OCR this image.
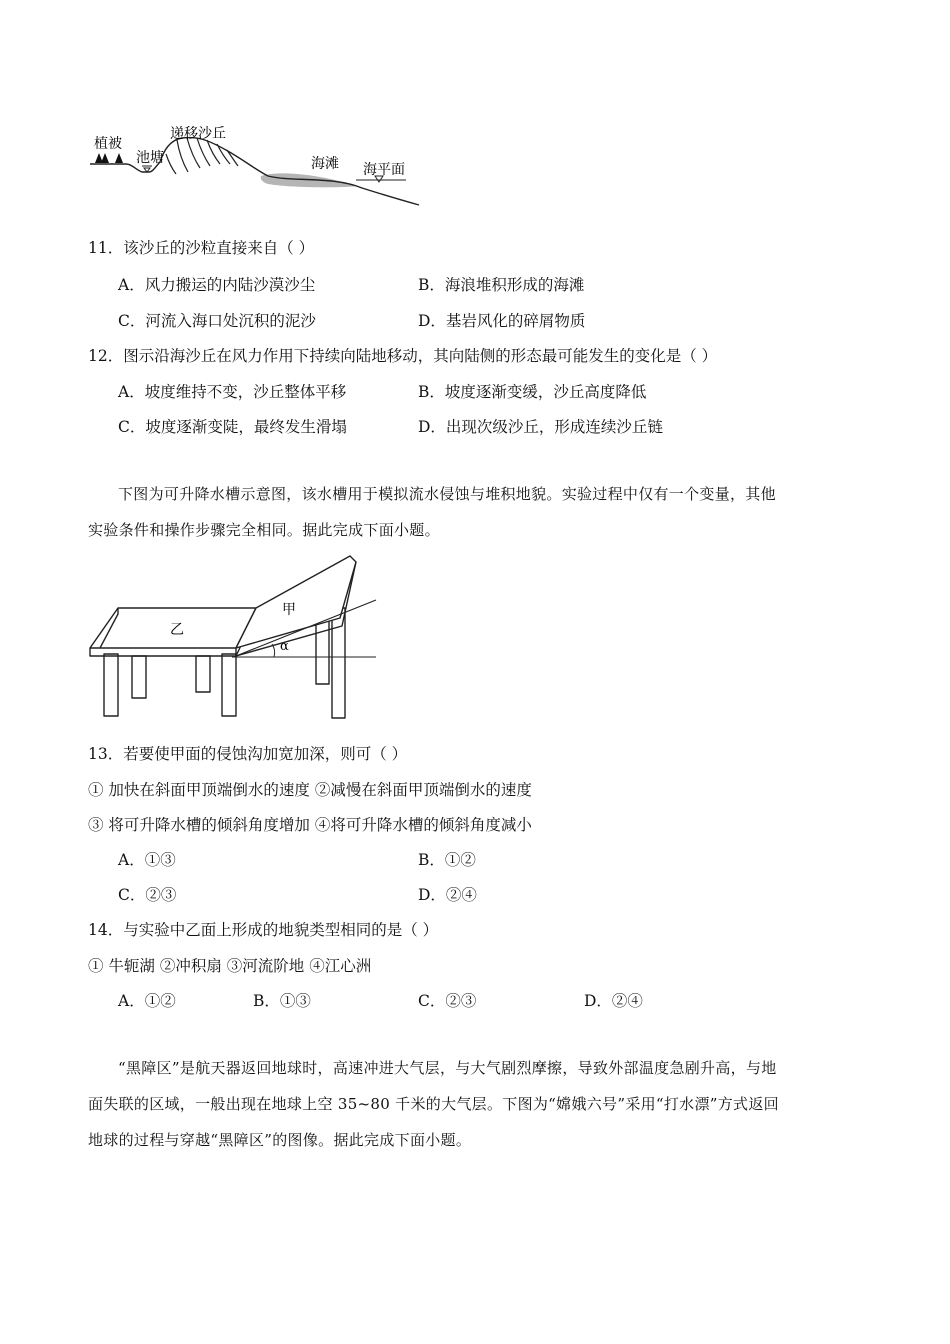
植被
池塘
递移沙丘
海滩 海平面
11．该沙丘的沙粒直接来自（ ）
A．风力搬运的内陆沙漠沙尘	B．海浪堆积形成的海滩
C．河流入海口处沉积的泥沙	D．基岩风化的碎屑物质
12．图示沿海沙丘在风力作用下持续向陆地移动，其向陆侧的形态最可能发生的变化是（ ）
A．坡度维持不变，沙丘整体平移	B．坡度逐渐变缓，沙丘高度降低
C．坡度逐渐变陡，最终发生滑塌	D．出现次级沙丘，形成连续沙丘链
下图为可升降水槽示意图，该水槽用于模拟流水侵蚀与堆积地貌。实验过程中仅有一个变量，其他
实验条件和操作步骤完全相同。据此完成下面小题。
甲
乙
α
13．若要使甲面的侵蚀沟加宽加深，则可（ ）
① 加快在斜面甲顶端倒水的速度 ②减慢在斜面甲顶端倒水的速度
③ 将可升降水槽的倾斜角度增加 ④将可升降水槽的倾斜角度减小
A．①③	B．①②
C．②③	D．②④
14．与实验中乙面上形成的地貌类型相同的是（ ）
① 牛轭湖 ②冲积扇 ③河流阶地 ④江心洲
A．①②	B．①③	C．②③	D．②④
“黑障区”是航天器返回地球时，高速冲进大气层，与大气剧烈摩擦，导致外部温度急剧升高，与地
面失联的区域，一般出现在地球上空 35~80 千米的大气层。下图为“嫦娥六号”采用“打水漂”方式返回
地球的过程与穿越“黑障区”的图像。据此完成下面小题。
